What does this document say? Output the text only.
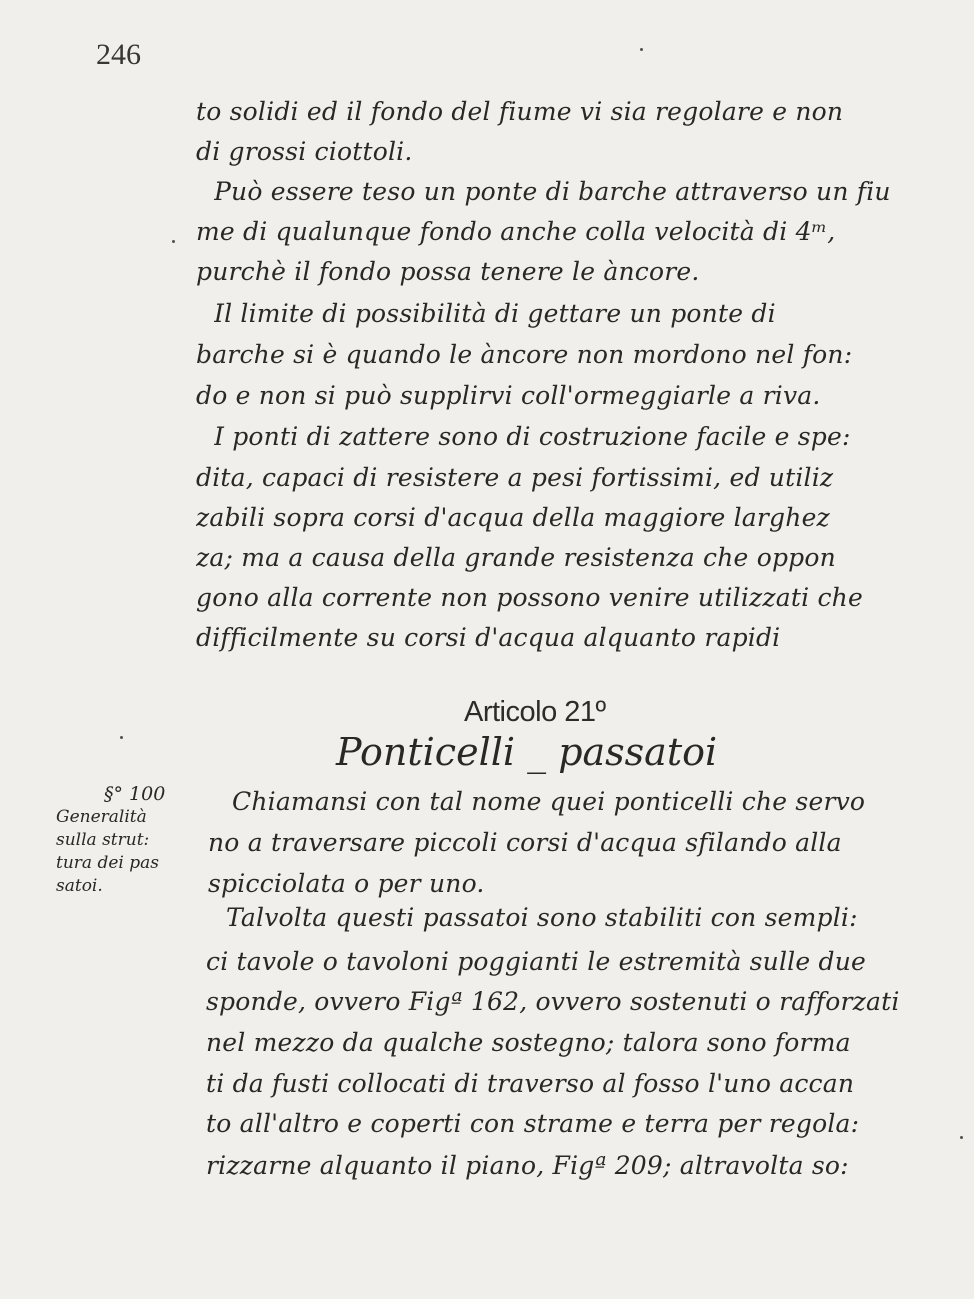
246
to solidi ed il fondo del fiume vi sia regolare e non
di grossi ciottoli.
Può essere teso un ponte di barche attraverso un fiu
me di qualunque fondo anche colla velocità di 4ᵐ,
purchè il fondo possa tenere le àncore.
Il limite di possibilità di gettare un ponte di
barche si è quando le àncore non mordono nel fon:
do e non si può supplirvi coll'ormeggiarle a riva.
I ponti di zattere sono di costruzione facile e spe:
dita, capaci di resistere a pesi fortissimi, ed utiliz
zabili sopra corsi d'acqua della maggiore larghez
za; ma a causa della grande resistenza che oppon
gono alla corrente non possono venire utilizzati che
difficilmente su corsi d'acqua alquanto rapidi
Articolo 21º
Ponticelli _ passatoi
§° 100
Generalità
sulla strut:
tura dei pas
satoi.
Chiamansi con tal nome quei ponticelli che servo
no a traversare piccoli corsi d'acqua sfilando alla
spicciolata o per uno.
Talvolta questi passatoi sono stabiliti con sempli:
ci tavole o tavoloni poggianti le estremità sulle due
sponde, ovvero Figª 162, ovvero sostenuti o rafforzati
nel mezzo da qualche sostegno; talora sono forma
ti da fusti collocati di traverso al fosso l'uno accan
to all'altro e coperti con strame e terra per regola:
rizzarne alquanto il piano, Figª 209; altravolta so:
